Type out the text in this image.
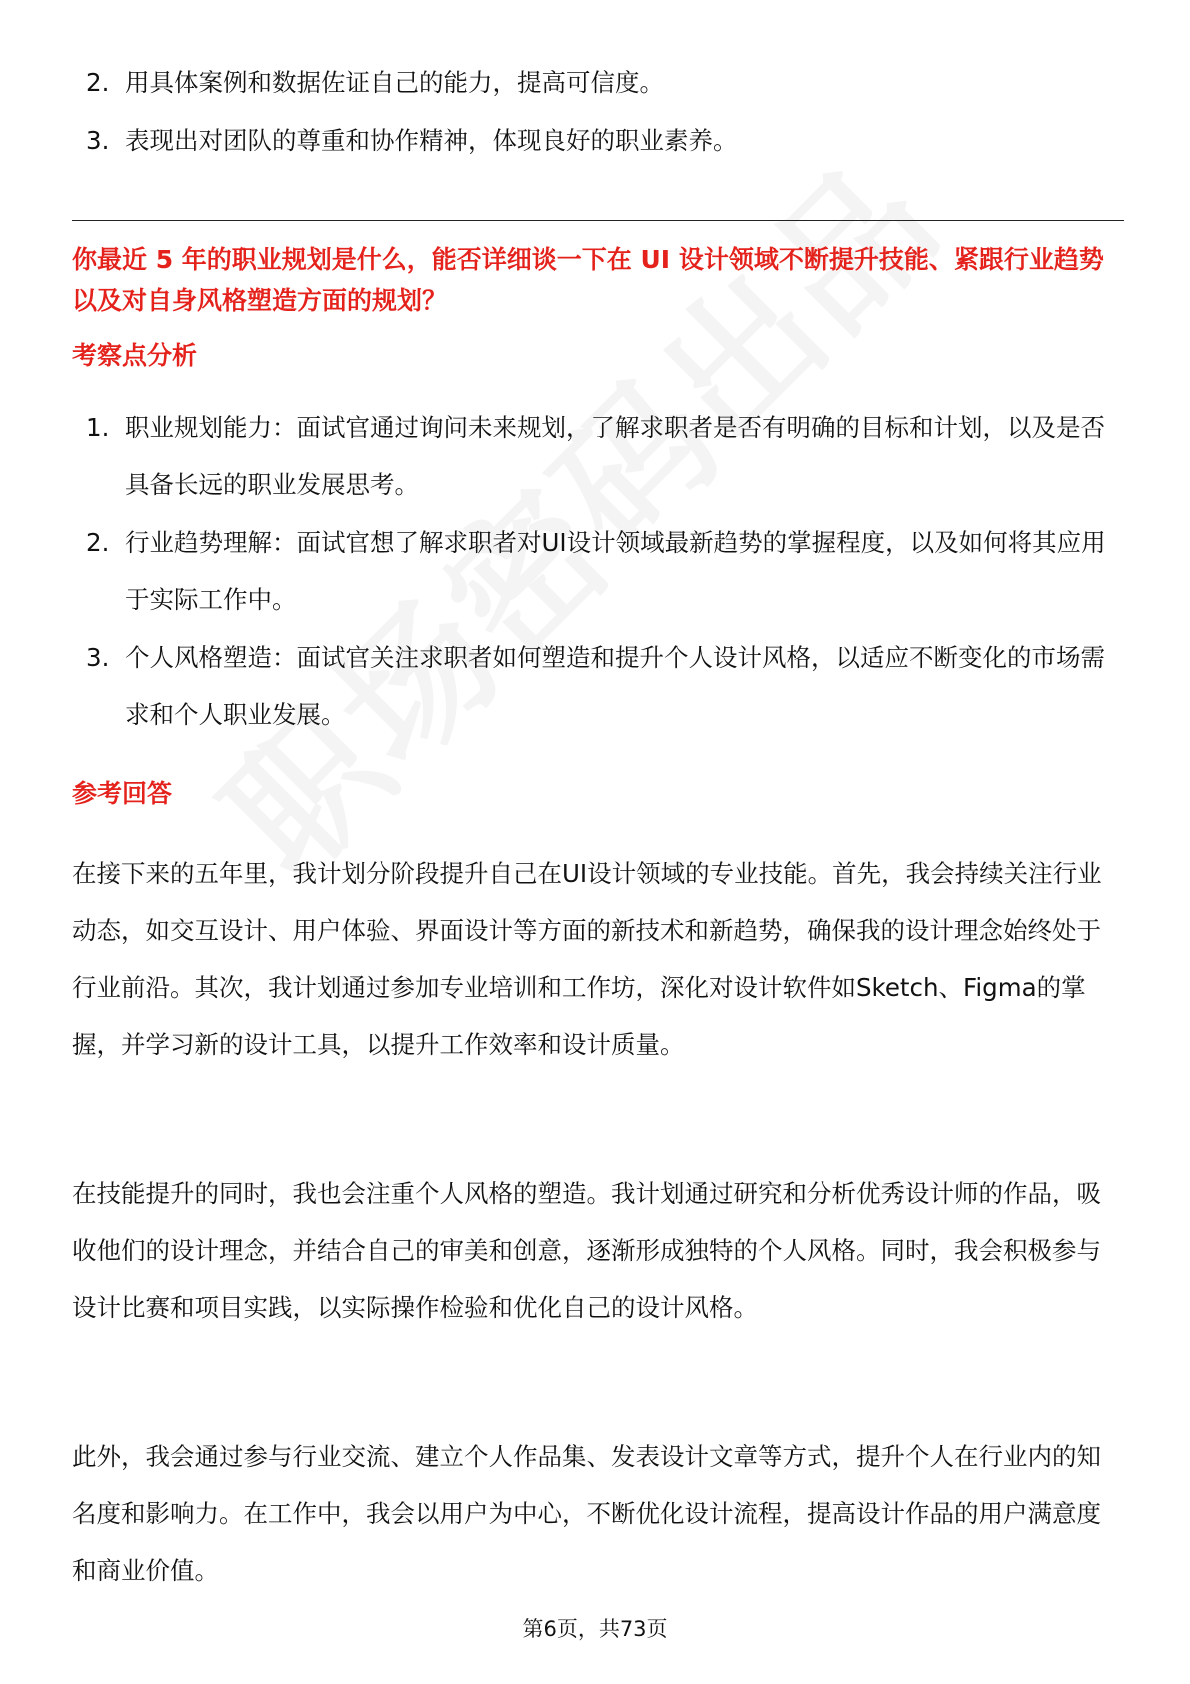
2. 用具体案例和数据佐证自己的能力，提高可信度。
3. 表现出对团队的尊重和协作精神，体现良好的职业素养。
你最近 5 年的职业规划是什么，能否详细谈一下在 UI 设计领域不断提升技能、紧跟行业趋势以及对自身风格塑造方面的规划？
考察点分析
1. 职业规划能力：面试官通过询问未来规划，了解求职者是否有明确的目标和计划，以及是否具备长远的职业发展思考。
2. 行业趋势理解：面试官想了解求职者对UI设计领域最新趋势的掌握程度，以及如何将其应用于实际工作中。
3. 个人风格塑造：面试官关注求职者如何塑造和提升个人设计风格，以适应不断变化的市场需求和个人职业发展。
参考回答

在接下来的五年里，我计划分阶段提升自己在UI设计领域的专业技能。首先，我会持续关注行业动态，如交互设计、用户体验、界面设计等方面的新技术和新趋势，确保我的设计理念始终处于行业前沿。其次，我计划通过参加专业培训和工作坊，深化对设计软件如Sketch、Figma的掌握，并学习新的设计工具，以提升工作效率和设计质量。

在技能提升的同时，我也会注重个人风格的塑造。我计划通过研究和分析优秀设计师的作品，吸收他们的设计理念，并结合自己的审美和创意，逐渐形成独特的个人风格。同时，我会积极参与设计比赛和项目实践，以实际操作检验和优化自己的设计风格。

此外，我会通过参与行业交流、建立个人作品集、发表设计文章等方式，提升个人在行业内的知名度和影响力。在工作中，我会以用户为中心，不断优化设计流程，提高设计作品的用户满意度和商业价值。

第6页，共73页
